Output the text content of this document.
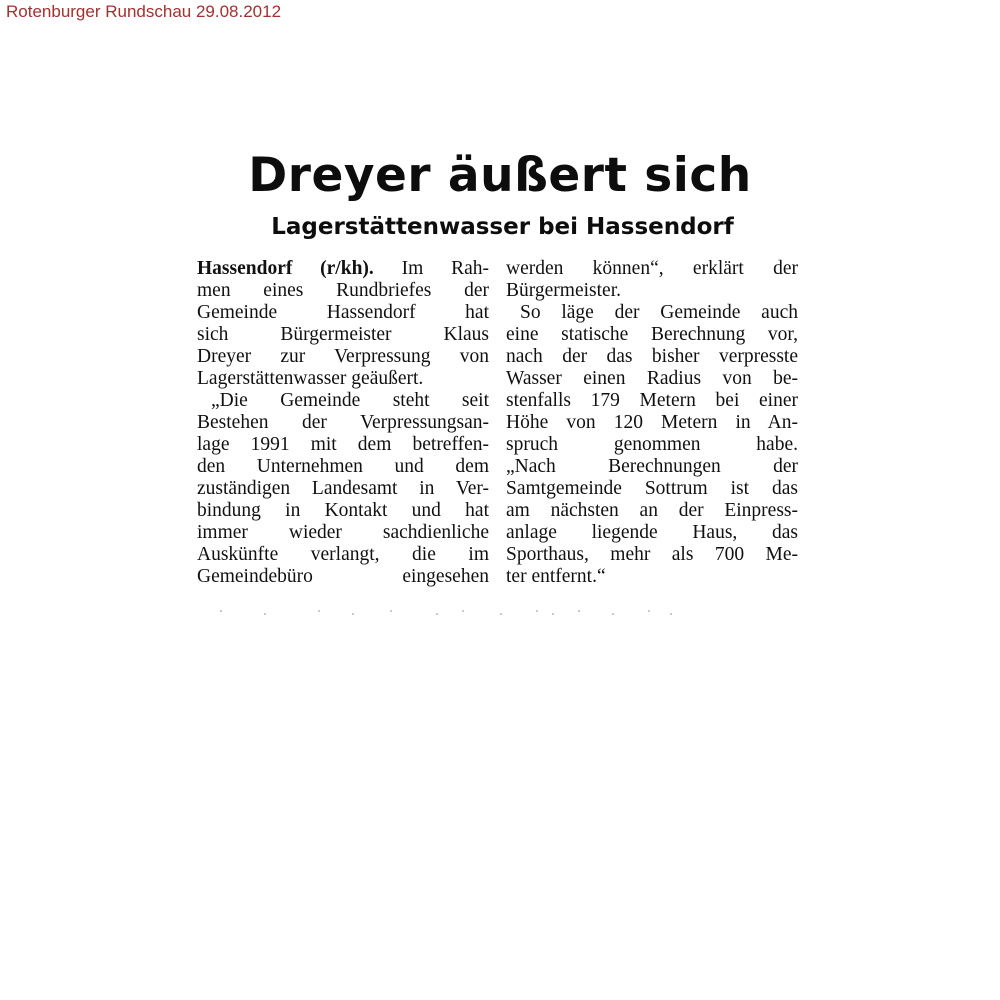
Rotenburger Rundschau 29.08.2012
Dreyer äußert sich
Lagerstättenwasser bei Hassendorf
Hassendorf (r/kh). Im Rah-
men eines Rundbriefes der
Gemeinde Hassendorf hat
sich Bürgermeister Klaus
Dreyer zur Verpressung von
Lagerstättenwasser geäußert.
„Die Gemeinde steht seit
Bestehen der Verpressungsan-
lage 1991 mit dem betreffen-
den Unternehmen und dem
zuständigen Landesamt in Ver-
bindung in Kontakt und hat
immer wieder sachdienliche
Auskünfte verlangt, die im
Gemeindebüro eingesehen
werden können“, erklärt der
Bürgermeister.
So läge der Gemeinde auch
eine statische Berechnung vor,
nach der das bisher verpresste
Wasser einen Radius von be-
stenfalls 179 Metern bei einer
Höhe von 120 Metern in An-
spruch genommen habe.
„Nach Berechnungen der
Samtgemeinde Sottrum ist das
am nächsten an der Einpress-
anlage liegende Haus, das
Sporthaus, mehr als 700 Me-
ter entfernt.“
